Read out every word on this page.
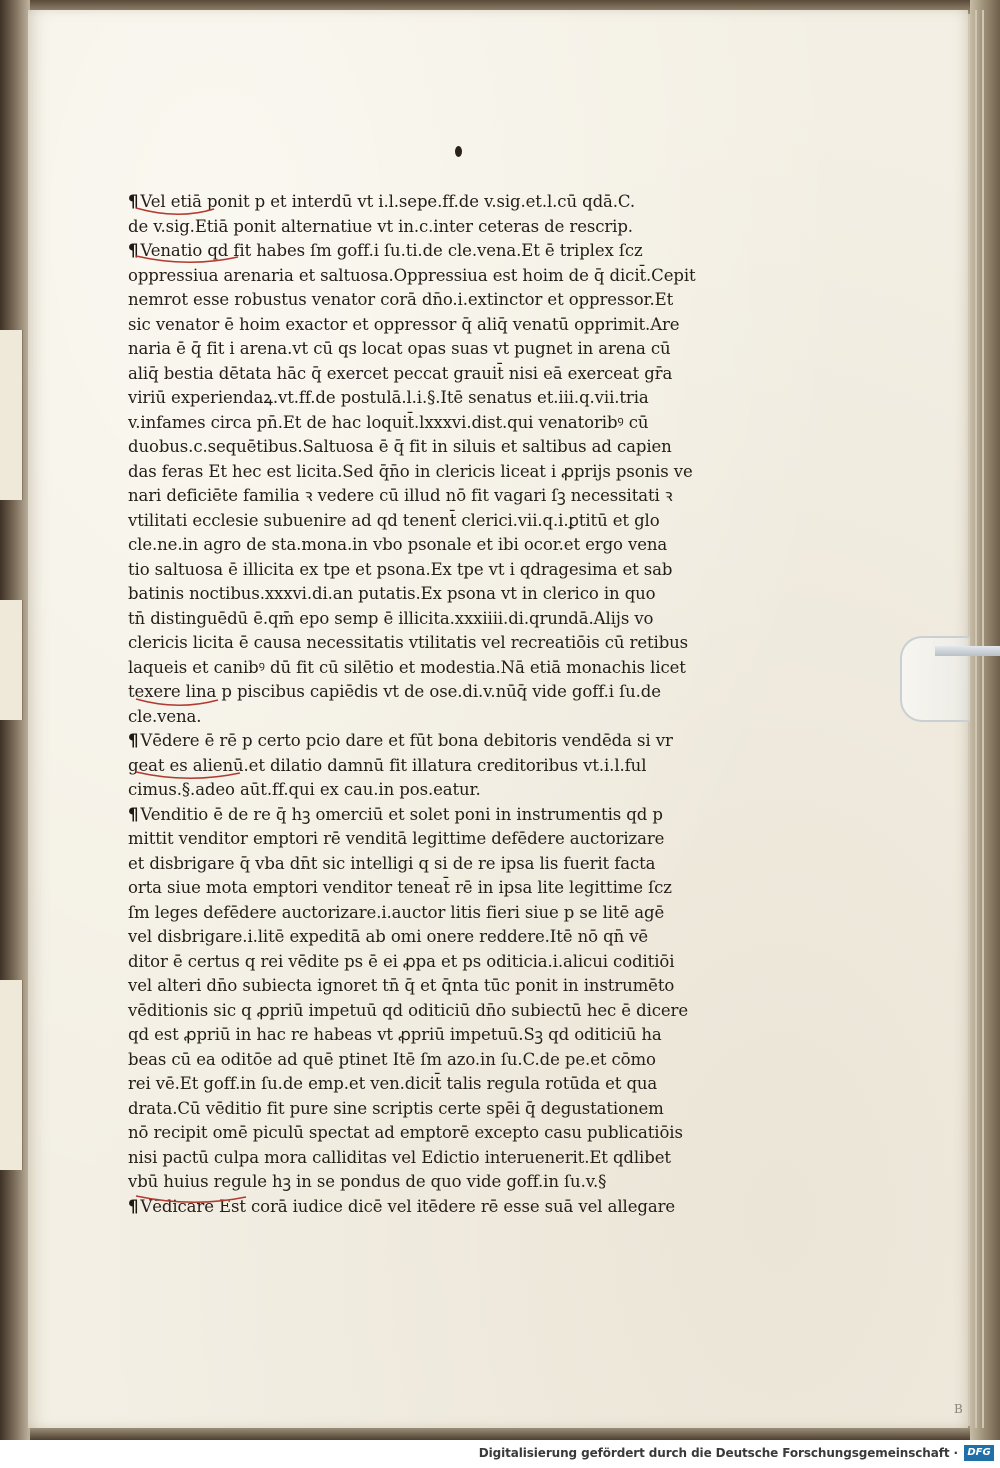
¶ Vel etiā ponit p et interdū vt i.l.sepe.ff.de v.sig.et.l.cū qdā.C.
de v.sig.Etiā ponit alternatiue vt in.c.inter ceteras de rescrip.
¶ Venatio qd fit habes ſm goff.i ſu.ti.de cle.vena.Et ē triplex ſcz
oppressiua arenaria et saltuosa.Oppressiua est hoim de q̄ dicit̄.Cepit
nemrot esse robustus venator corā dn̄o.i.extinctor et oppressor.Et
sic venator ē hoim exactor et oppressor q̄ aliq̄ venatū opprimit.Are
naria ē q̄ fit i arena.vt cū qs locat opas suas vt pugnet in arena cū
aliq̄ bestia dētata hāc q̄ exercet peccat grauit̄ nisi eā exerceat gr̄a
viriū experiendaꝝ.vt.ff.de postulā.l.i.§.Itē senatus et.iii.q.vii.tria
v.infames circa pn̄.Et de hac loquit̄.lxxxvi.dist.qui venatoribꝰ cū
duobus.c.sequētibus.Saltuosa ē q̄ fit in siluis et saltibus ad capien
das feras Et hec est licita.Sed q̄n̄o in clericis liceat i ꝓprijs psonis ve
nari deficiēte familia ꝛ vedere cū illud nō fit vagari ſꝫ necessitati ꝛ
vtilitati ecclesie subuenire ad qd tenent̄ clerici.vii.q.i.ꝑtitū et glo
cle.ne.in agro de sta.mona.in vbo psonale et ibi ocor.et ergo vena
tio saltuosa ē illicita ex tpe et psona.Ex tpe vt i qdragesima et sab
batinis noctibus.xxxvi.di.an putatis.Ex psona vt in clerico in quo
tn̄ distinguēdū ē.qm̄ epo semp ē illicita.xxxiiii.di.qrundā.Alijs vo
clericis licita ē causa necessitatis vtilitatis vel recreatiōis cū retibus
laqueis et canibꝰ dū fit cū silētio et modestia.Nā etiā monachis licet
texere lina p piscibus capiēdis vt de ose.di.v.nūq̄ vide goff.i ſu.de
cle.vena.
¶ Vēdere ē rē p certo pcio dare et fūt bona debitoris vendēda si vr
geat es alienū.et dilatio damnū fit illatura creditoribus vt.i.l.ful
cimus.§.adeo aūt.ff.qui ex cau.in pos.eatur.
¶ Venditio ē de re q̄ hꝫ omerciū et solet poni in instrumentis qd p
mittit venditor emptori rē venditā legittime defēdere auctorizare
et disbrigare q̄ vba dn̄t sic intelligi q si de re ipsa lis fuerit facta
orta siue mota emptori venditor teneat̄ rē in ipsa lite legittime ſcz
ſm leges defēdere auctorizare.i.auctor litis fieri siue p se litē agē
vel disbrigare.i.litē expeditā ab omi onere reddere.Itē nō qn̄ vē
ditor ē certus q rei vēdite ps ē ei ꝓpa et ps oditicia.i.alicui coditiōi
vel alteri dn̄o subiecta ignoret tn̄ q̄ et q̄nta tūc ponit in instrumēto
vēditionis sic q ꝓpriū impetuū qd oditiciū dn̄o subiectū hec ē dicere
qd est ꝓpriū in hac re habeas vt ꝓpriū impetuū.Sꝫ qd oditiciū ha
beas cū ea oditōe ad quē ptinet Itē ſm azo.in ſu.C.de pe.et cōmo
rei vē.Et goff.in ſu.de emp.et ven.dicit̄ talis regula rotūda et qua
drata.Cū vēditio fit pure sine scriptis certe spēi q̄ degustationem
nō recipit omē piculū spectat ad emptorē excepto casu publicatiōis
nisi pactū culpa mora calliditas vel Edictio interuenerit.Et qdlibet
vbū huius regule hꝫ in se pondus de quo vide goff.in ſu.v.§
¶ Vēdicare Est corā iudice dicē vel itēdere rē esse suā vel allegare
B
Digitalisierung gefördert durch die Deutsche Forschungsgemeinschaft · DFG
